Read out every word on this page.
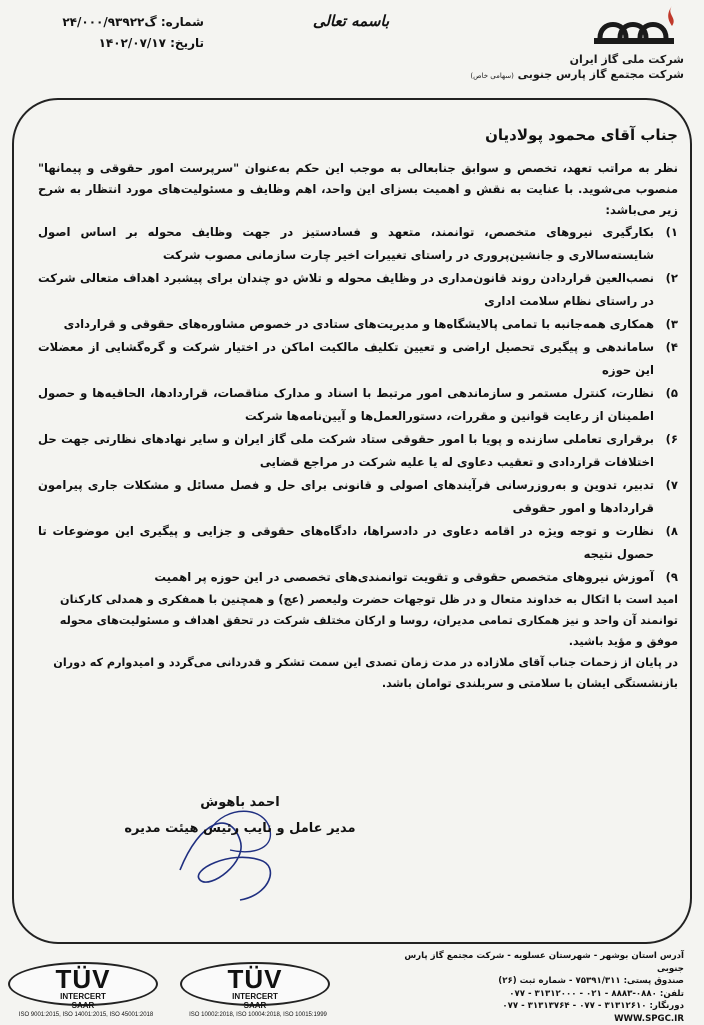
شرکت ملی گاز ایران
شرکت مجتمع گاز پارس جنوبی (سهامی خاص)
باسمه تعالی
شماره: گ۲۴/۰۰۰/۹۳۹۲۲
تاریخ: ۱۴۰۲/۰۷/۱۷
جناب آقای محمود پولادیان

نظر به مراتب تعهد، تخصص و سوابق جنابعالی به موجب این حکم به‌عنوان "سرپرست امور حقوقی و پیمانها" منصوب می‌شوید. با عنایت به نقش و اهمیت بسزای این واحد، اهم وظایف و مسئولیت‌های مورد انتظار به شرح زیر می‌باشد:

۱)
بکارگیری نیروهای متخصص، توانمند، متعهد و فسادستیز در جهت وظایف محوله بر اساس اصول شایسته‌سالاری و جانشین‌پروری در راستای تغییرات اخیر چارت سازمانی مصوب شرکت
۲)
نصب‌العین قراردادن روند قانون‌مداری در وظایف محوله و تلاش دو چندان برای پیشبرد اهداف متعالی شرکت در راستای نظام سلامت اداری
۳)
همکاری همه‌جانبه با تمامی پالایشگاه‌ها و مدیریت‌های ستادی در خصوص مشاوره‌های حقوقی و قراردادی
۴)
ساماندهی و پیگیری تحصیل اراضی و تعیین تکلیف مالکیت اماکن در اختیار شرکت و گره‌گشایی از معضلات این حوزه
۵)
نظارت، کنترل مستمر و سازماندهی امور مرتبط با اسناد و مدارک مناقصات، قراردادها، الحاقیه‌ها و حصول اطمینان از رعایت قوانین و مقررات، دستورالعمل‌ها و آیین‌نامه‌ها شرکت
۶)
برقراری تعاملی سازنده و پویا با امور حقوقی ستاد شرکت ملی گاز ایران و سایر نهادهای نظارتی جهت حل اختلافات قراردادی و تعقیب دعاوی له یا علیه شرکت در مراجع قضایی
۷)
تدبیر، تدوین و به‌روزرسانی فرآیندهای اصولی و قانونی برای حل و فصل مسائل و مشکلات جاری پیرامون قراردادها و امور حقوقی
۸)
نظارت و توجه ویژه در اقامه دعاوی در دادسراها، دادگاه‌های حقوقی و جزایی و پیگیری این موضوعات تا حصول نتیجه
۹)
آموزش نیروهای متخصص حقوقی و تقویت توانمندی‌های تخصصی در این حوزه پر اهمیت

امید است با اتکال به خداوند متعال و در ظل توجهات حضرت ولیعصر (عج) و همچنین با همفکری و همدلی کارکنان توانمند آن واحد و نیز همکاری تمامی مدیران، روسا و ارکان مختلف شرکت در تحقق اهداف و مسئولیت‌های محوله موفق و مؤید باشید.

در پایان از زحمات جناب آقای ملازاده در مدت زمان تصدی این سمت تشکر و قدردانی می‌گردد و امیدوارم که دوران بازنشستگی ایشان با سلامتی و سربلندی توامان باشد.

احمد باهوش
مدیر عامل و نایب رئیس هیئت مدیره
آدرس استان بوشهر - شهرستان عسلویه - شرکت مجتمع گاز پارس جنوبی
صندوق پستی: ۷۵۳۹۱/۳۱۱ - شماره ثبت (۲۶)
تلفن: ۰۸۸۰-۸۸۸۳ - ۰۲۱ - ۳۱۳۱۲۰۰۰ - ۰۷۷
دورنگار: ۳۱۳۱۲۶۱۰ - ۰۷۷ - ۳۱۳۱۳۷۶۴ - ۰۷۷
WWW.SPGC.IR
TÜV
INTERCERT
SAAR
ISO 9001:2015, ISO 14001:2015, ISO 45001:2018
TÜV
INTERCERT
SAAR
ISO 10002:2018, ISO 10004:2018, ISO 10015:1999
